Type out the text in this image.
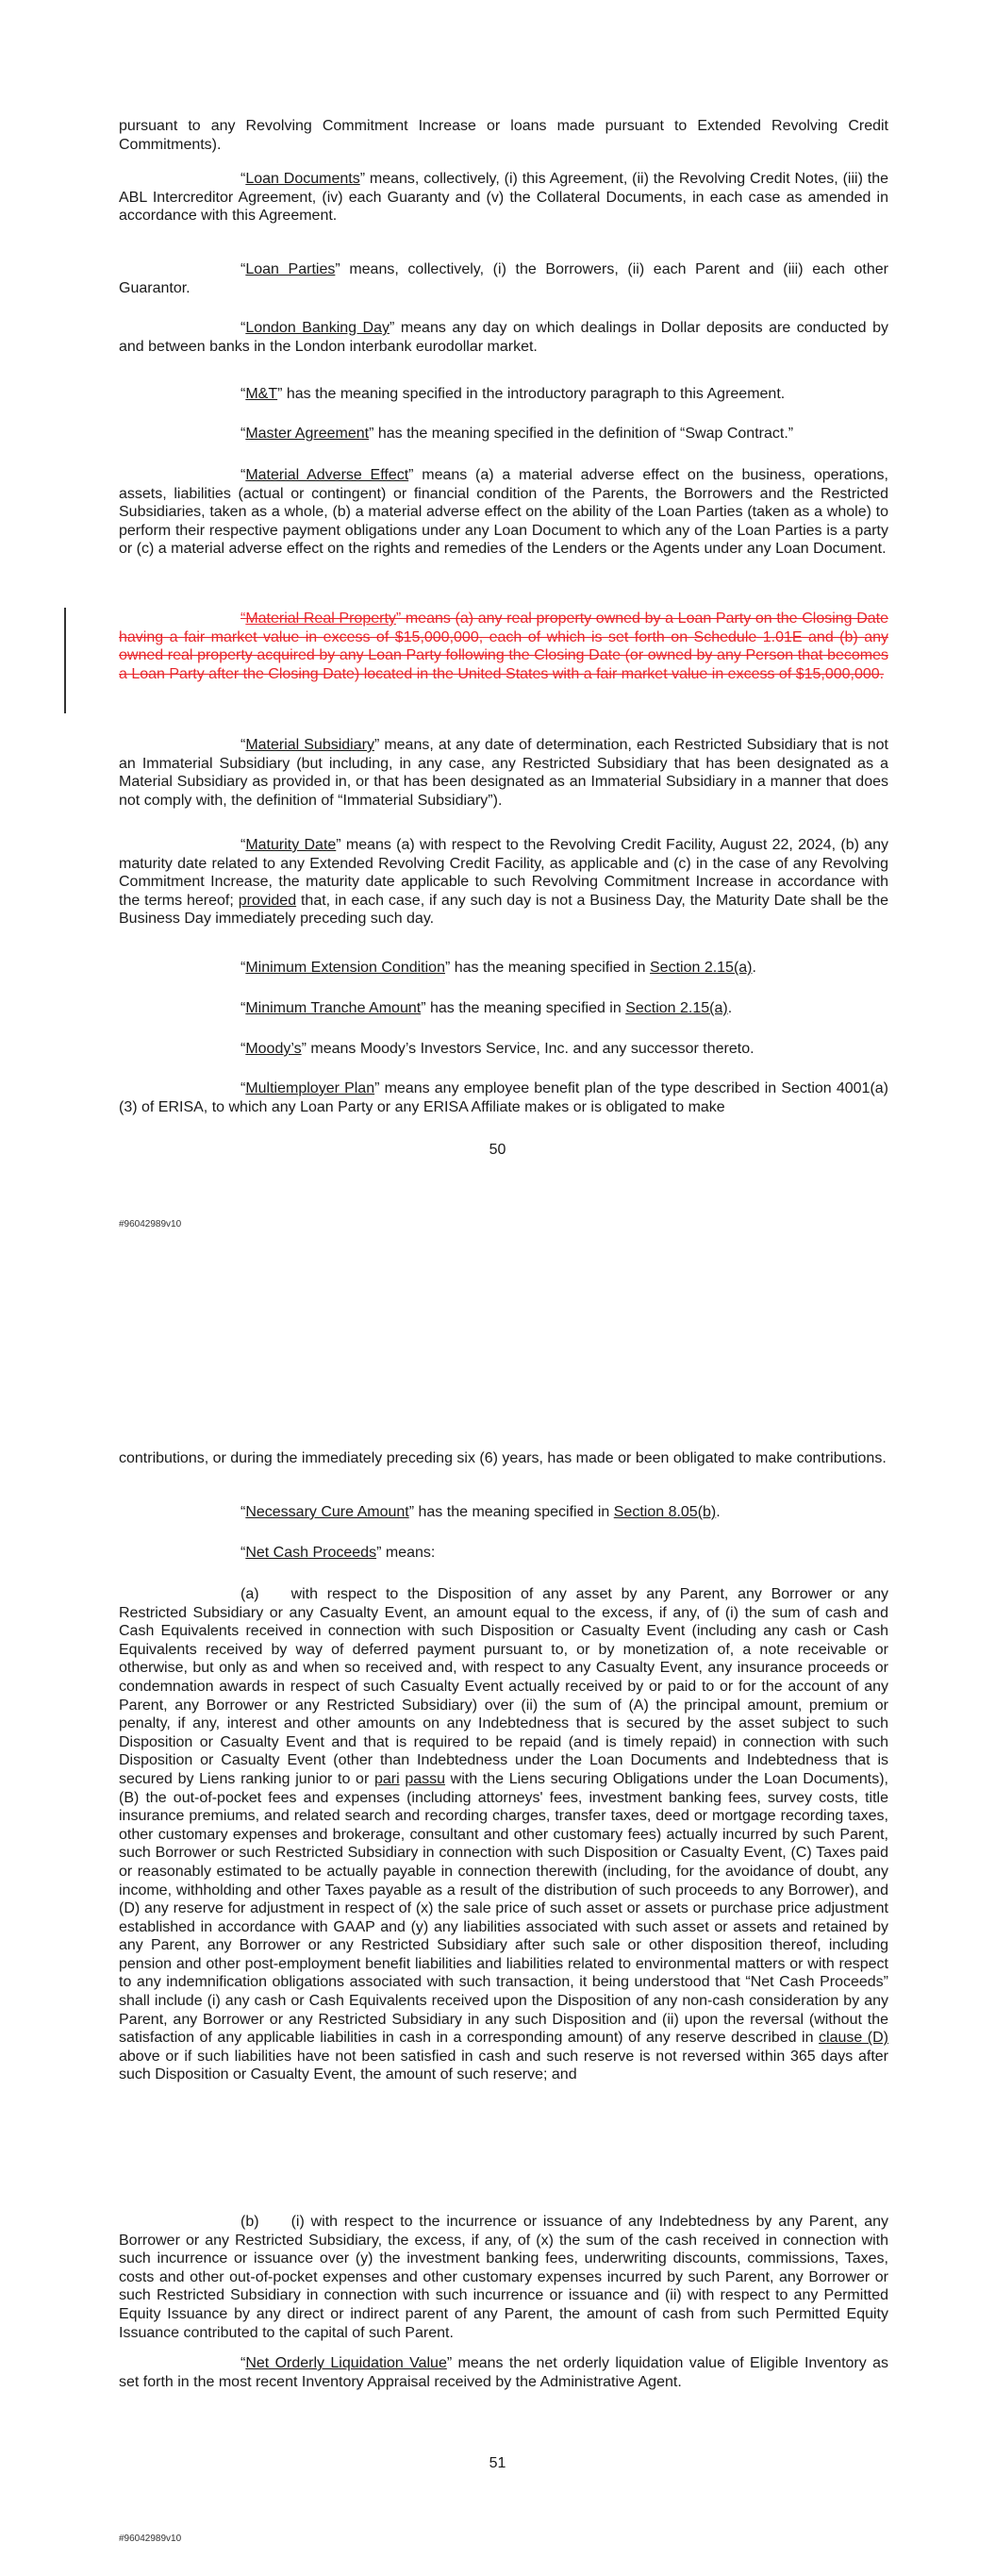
pursuant to any Revolving Commitment Increase or loans made pursuant to Extended Revolving Credit Commitments).

“Loan Documents” means, collectively, (i) this Agreement, (ii) the Revolving Credit Notes, (iii) the ABL Intercreditor Agreement, (iv) each Guaranty and (v) the Collateral Documents, in each case as amended in accordance with this Agreement.

“Loan Parties” means, collectively, (i) the Borrowers, (ii) each Parent and (iii) each other Guarantor.

“London Banking Day” means any day on which dealings in Dollar deposits are conducted by and between banks in the London interbank eurodollar market.

“M&T” has the meaning specified in the introductory paragraph to this Agreement.

“Master Agreement” has the meaning specified in the definition of “Swap Contract.”

“Material Adverse Effect” means (a) a material adverse effect on the business, operations, assets, liabilities (actual or contingent) or financial condition of the Parents, the Borrowers and the Restricted Subsidiaries, taken as a whole, (b) a material adverse effect on the ability of the Loan Parties (taken as a whole) to perform their respective payment obligations under any Loan Document to which any of the Loan Parties is a party or (c) a material adverse effect on the rights and remedies of the Lenders or the Agents under any Loan Document.

“Material Real Property” means (a) any real property owned by a Loan Party on the Closing Date having a fair market value in excess of $15,000,000, each of which is set forth on Schedule 1.01E and (b) any owned real property acquired by any Loan Party following the Closing Date (or owned by any Person that becomes a Loan Party after the Closing Date) located in the United States with a fair market value in excess of $15,000,000.

“Material Subsidiary” means, at any date of determination, each Restricted Subsidiary that is not an Immaterial Subsidiary (but including, in any case, any Restricted Subsidiary that has been designated as a Material Subsidiary as provided in, or that has been designated as an Immaterial Subsidiary in a manner that does not comply with, the definition of “Immaterial Subsidiary”).

“Maturity Date” means (a) with respect to the Revolving Credit Facility, August 22, 2024, (b) any maturity date related to any Extended Revolving Credit Facility, as applicable and (c) in the case of any Revolving Commitment Increase, the maturity date applicable to such Revolving Commitment Increase in accordance with the terms hereof; provided that, in each case, if any such day is not a Business Day, the Maturity Date shall be the Business Day immediately preceding such day.

“Minimum Extension Condition” has the meaning specified in Section 2.15(a).

“Minimum Tranche Amount” has the meaning specified in Section 2.15(a).

“Moody’s” means Moody’s Investors Service, Inc. and any successor thereto.

“Multiemployer Plan” means any employee benefit plan of the type described in Section 4001(a)(3) of ERISA, to which any Loan Party or any ERISA Affiliate makes or is obligated to make

50

#96042989v10

contributions, or during the immediately preceding six (6) years, has made or been obligated to make contributions.

“Necessary Cure Amount” has the meaning specified in Section 8.05(b).

“Net Cash Proceeds” means:

(a) with respect to the Disposition of any asset by any Parent, any Borrower or any Restricted Subsidiary or any Casualty Event, an amount equal to the excess, if any, of (i) the sum of cash and Cash Equivalents received in connection with such Disposition or Casualty Event (including any cash or Cash Equivalents received by way of deferred payment pursuant to, or by monetization of, a note receivable or otherwise, but only as and when so received and, with respect to any Casualty Event, any insurance proceeds or condemnation awards in respect of such Casualty Event actually received by or paid to or for the account of any Parent, any Borrower or any Restricted Subsidiary) over (ii) the sum of (A) the principal amount, premium or penalty, if any, interest and other amounts on any Indebtedness that is secured by the asset subject to such Disposition or Casualty Event and that is required to be repaid (and is timely repaid) in connection with such Disposition or Casualty Event (other than Indebtedness under the Loan Documents and Indebtedness that is secured by Liens ranking junior to or pari passu with the Liens securing Obligations under the Loan Documents), (B) the out-of-pocket fees and expenses (including attorneys' fees, investment banking fees, survey costs, title insurance premiums, and related search and recording charges, transfer taxes, deed or mortgage recording taxes, other customary expenses and brokerage, consultant and other customary fees) actually incurred by such Parent, such Borrower or such Restricted Subsidiary in connection with such Disposition or Casualty Event, (C) Taxes paid or reasonably estimated to be actually payable in connection therewith (including, for the avoidance of doubt, any income, withholding and other Taxes payable as a result of the distribution of such proceeds to any Borrower), and (D) any reserve for adjustment in respect of (x) the sale price of such asset or assets or purchase price adjustment established in accordance with GAAP and (y) any liabilities associated with such asset or assets and retained by any Parent, any Borrower or any Restricted Subsidiary after such sale or other disposition thereof, including pension and other post-employment benefit liabilities and liabilities related to environmental matters or with respect to any indemnification obligations associated with such transaction, it being understood that “Net Cash Proceeds” shall include (i) any cash or Cash Equivalents received upon the Disposition of any non-cash consideration by any Parent, any Borrower or any Restricted Subsidiary in any such Disposition and (ii) upon the reversal (without the satisfaction of any applicable liabilities in cash in a corresponding amount) of any reserve described in clause (D) above or if such liabilities have not been satisfied in cash and such reserve is not reversed within 365 days after such Disposition or Casualty Event, the amount of such reserve; and

(b) (i) with respect to the incurrence or issuance of any Indebtedness by any Parent, any Borrower or any Restricted Subsidiary, the excess, if any, of (x) the sum of the cash received in connection with such incurrence or issuance over (y) the investment banking fees, underwriting discounts, commissions, Taxes, costs and other out-of-pocket expenses and other customary expenses incurred by such Parent, any Borrower or such Restricted Subsidiary in connection with such incurrence or issuance and (ii) with respect to any Permitted Equity Issuance by any direct or indirect parent of any Parent, the amount of cash from such Permitted Equity Issuance contributed to the capital of such Parent.

“Net Orderly Liquidation Value” means the net orderly liquidation value of Eligible Inventory as set forth in the most recent Inventory Appraisal received by the Administrative Agent.

51

#96042989v10
